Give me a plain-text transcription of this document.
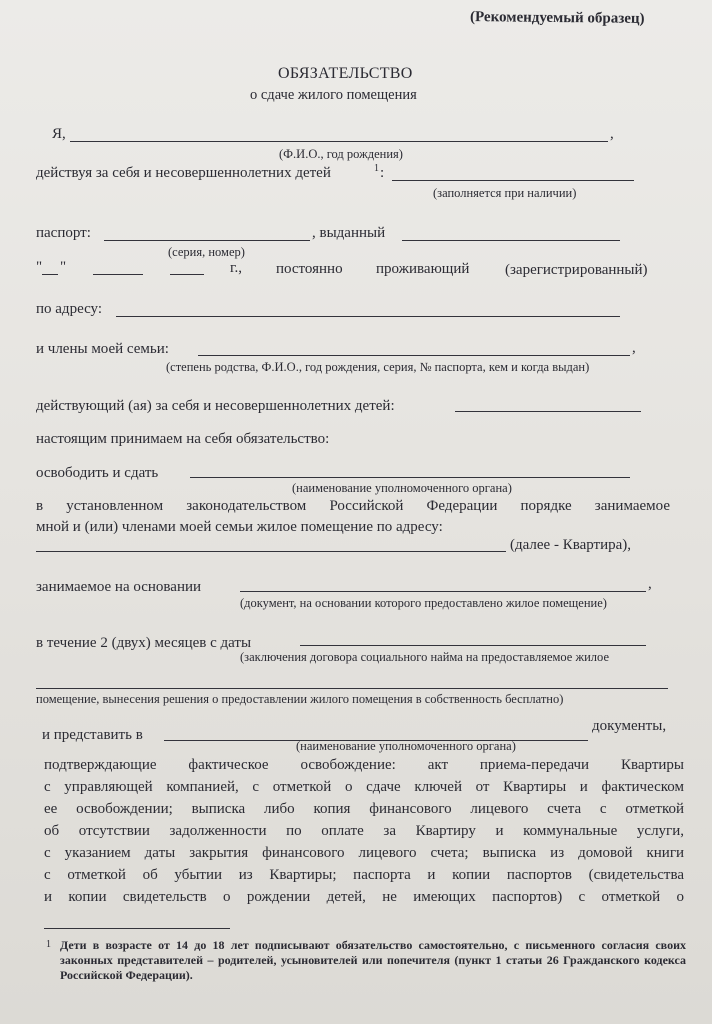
(Рекомендуемый образец)
ОБЯЗАТЕЛЬСТВО
о сдаче жилого помещения
Я,	,
(Ф.И.О., год рождения)
действуя за себя и несовершеннолетних детей	1 :
(заполняется при наличии)
паспорт:	, выданный
(серия, номер)
" "	г., постоянно проживающий (зарегистрированный)
по адресу:
и члены моей семьи:	,
(степень родства, Ф.И.О., год рождения, серия, № паспорта, кем и когда выдан)
действующий (ая) за себя и несовершеннолетних детей:
настоящим принимаем на себя обязательство:
освободить и сдать
(наименование уполномоченного органа)
в установленном законодательством Российской Федерации порядке занимаемое
мной и (или) членами моей семьи жилое помещение по адресу:
(далее - Квартира),
занимаемое на основании	,
(документ, на основании которого предоставлено жилое помещение)
в течение 2 (двух) месяцев с даты
(заключения договора социального найма на предоставляемое жилое
помещение, вынесения решения о предоставлении жилого помещения в собственность бесплатно)
и представить в
документы,
(наименование уполномоченного органа)
подтверждающие фактическое освобождение: акт приема-передачи Квартиры
с управляющей компанией, с отметкой о сдаче ключей от Квартиры и фактическом
ее освобождении; выписка либо копия финансового лицевого счета с отметкой
об отсутствии задолженности по оплате за Квартиру и коммунальные услуги,
с указанием даты закрытия финансового лицевого счета; выписка из домовой книги
с отметкой об убытии из Квартиры; паспорта и копии паспортов (свидетельства
и копии свидетельств о рождении детей, не имеющих паспортов) с отметкой о
1 Дети в возрасте от 14 до 18 лет подписывают обязательство самостоятельно, с письменного согласия своих законных представителей – родителей, усыновителей или попечителя (пункт 1 статьи 26 Гражданского кодекса Российской Федерации).
